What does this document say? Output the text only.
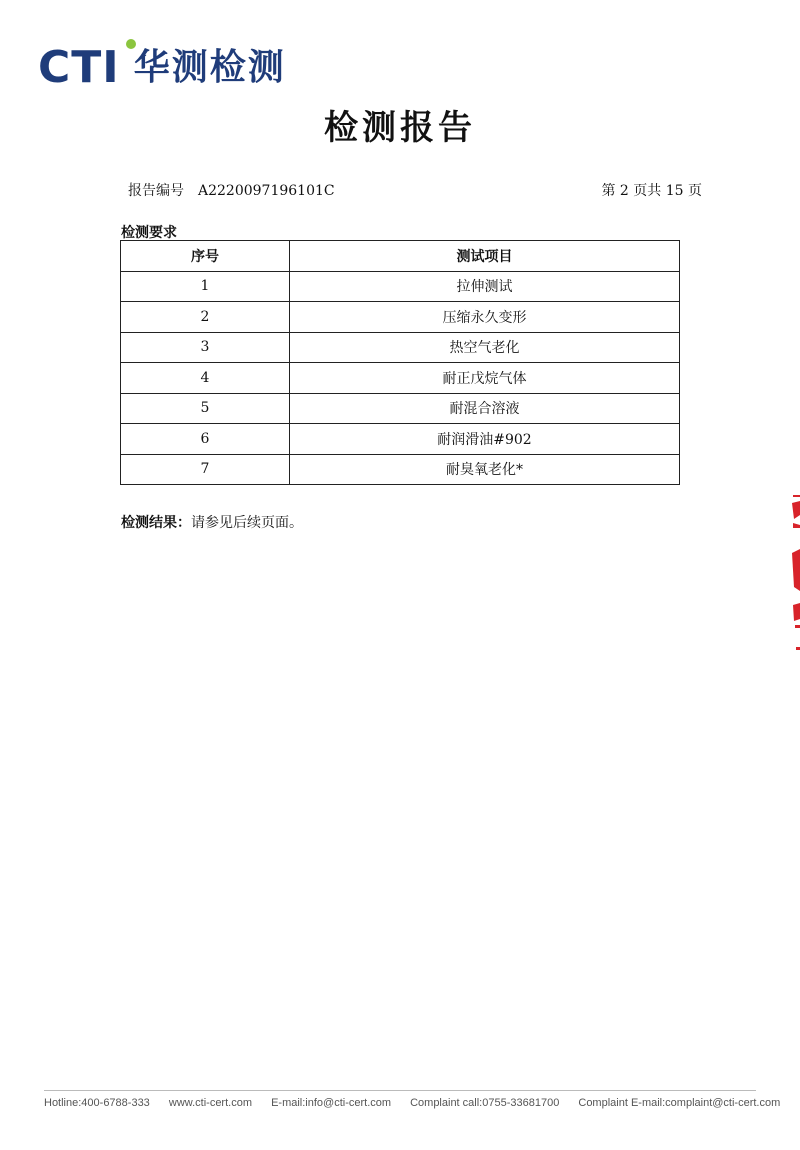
CTI 华测检测
检测报告
报告编号 A2220097196101C	第 2 页共 15 页
检测要求
序号	测试项目
1	拉伸测试
2	压缩永久变形
3	热空气老化
4	耐正戊烷气体
5	耐混合溶液
6	耐润滑油#902
7	耐臭氧老化*
检测结果：请参见后续页面。
Hotline:400-6788-333 www.cti-cert.com E-mail:info@cti-cert.com Complaint call:0755-33681700 Complaint E-mail:complaint@cti-cert.com
